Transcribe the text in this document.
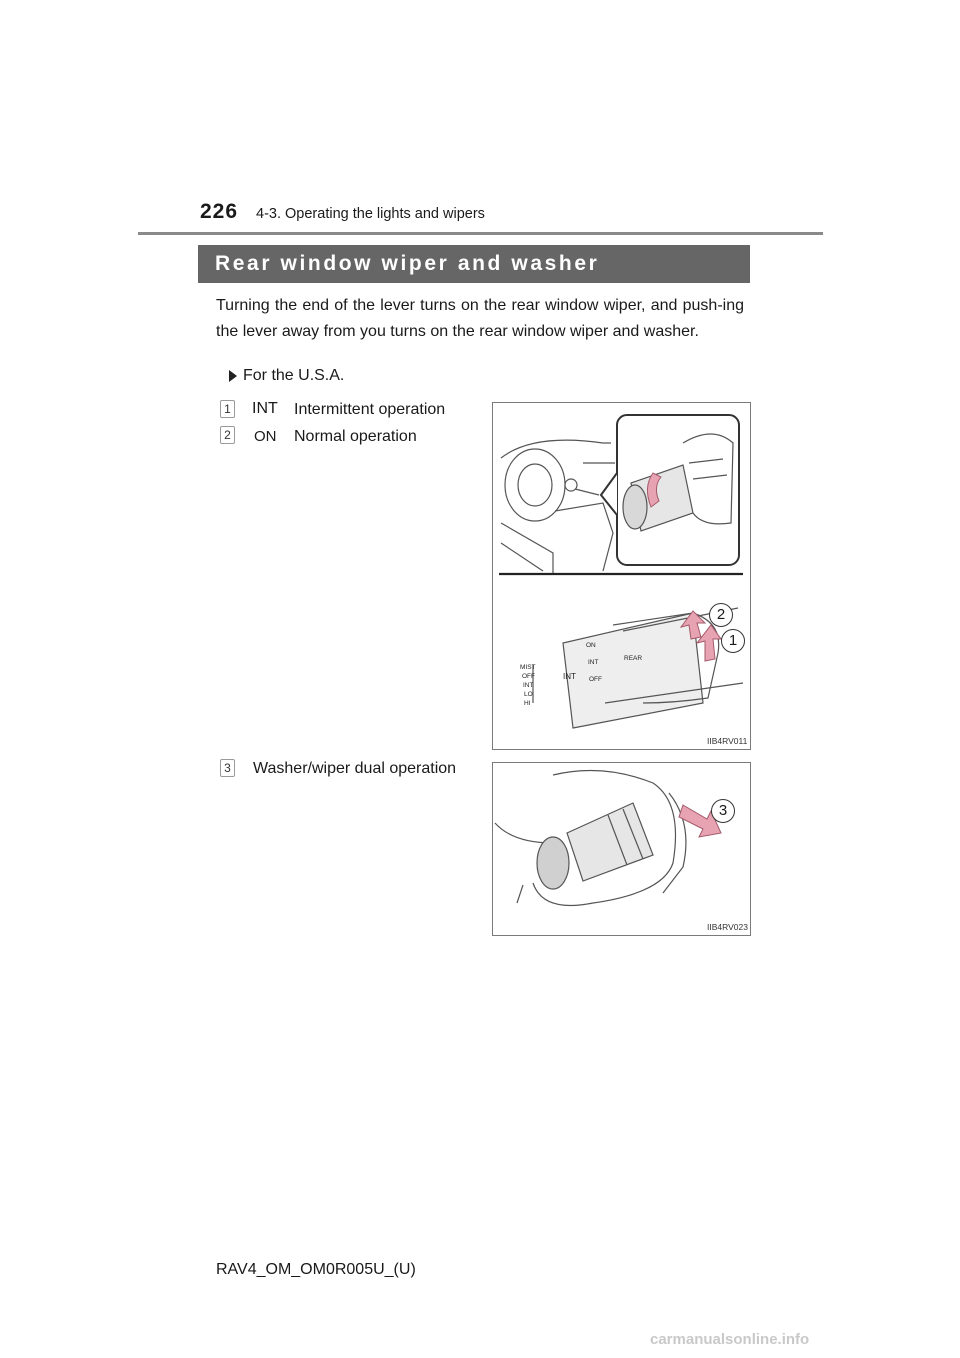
226 4-3. Operating the lights and wipers
Rear window wiper and washer
Turning the end of the lever turns on the rear window wiper, and push-ing the lever away from you turns on the rear window wiper and washer.
For the U.S.A.
1 INT Intermittent operation
2 ON Normal operation
3 Washer/wiper dual operation
MIST
OFF
INT
LO
HI
ON
INT
OFF
REAR
INT
2
1
IIB4RV011
3
IIB4RV023
RAV4_OM_OM0R005U_(U)
carmanualsonline.info
